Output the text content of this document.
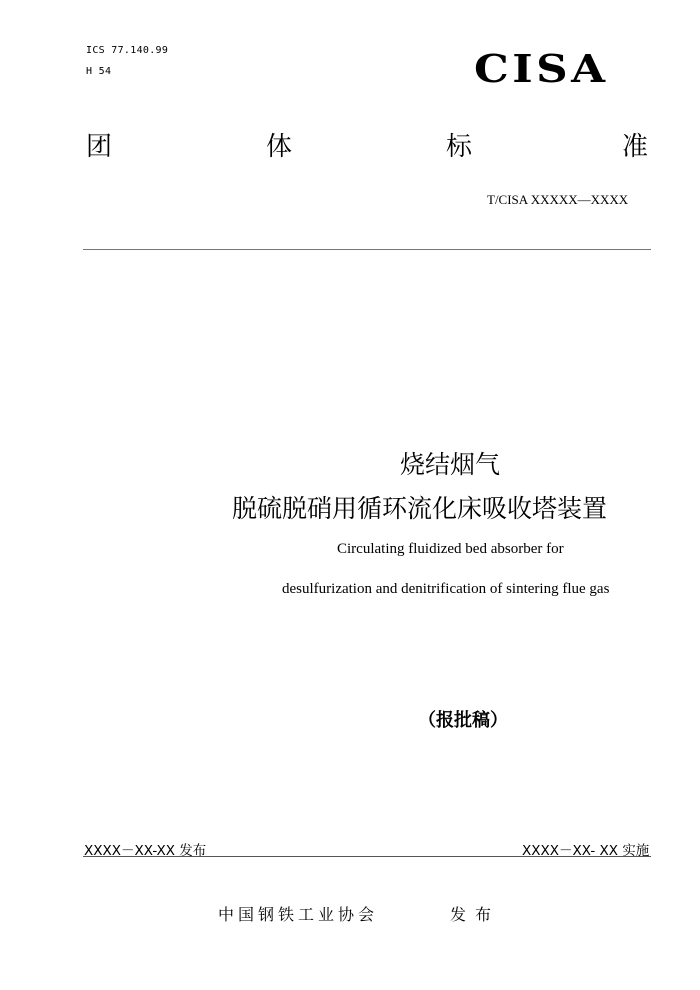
ICS 77.140.99
H 54	CISA
团	体	标	准
T/CISA XXXXX—XXXX
烧结烟气
脱硫脱硝用循环流化床吸收塔装置
Circulating fluidized bed absorber for
desulfurization and denitrification of sintering flue gas
（报批稿）
XXXX－XX-XX 发布	XXXX－XX- XX 实施
中国钢铁工业协会	发布
